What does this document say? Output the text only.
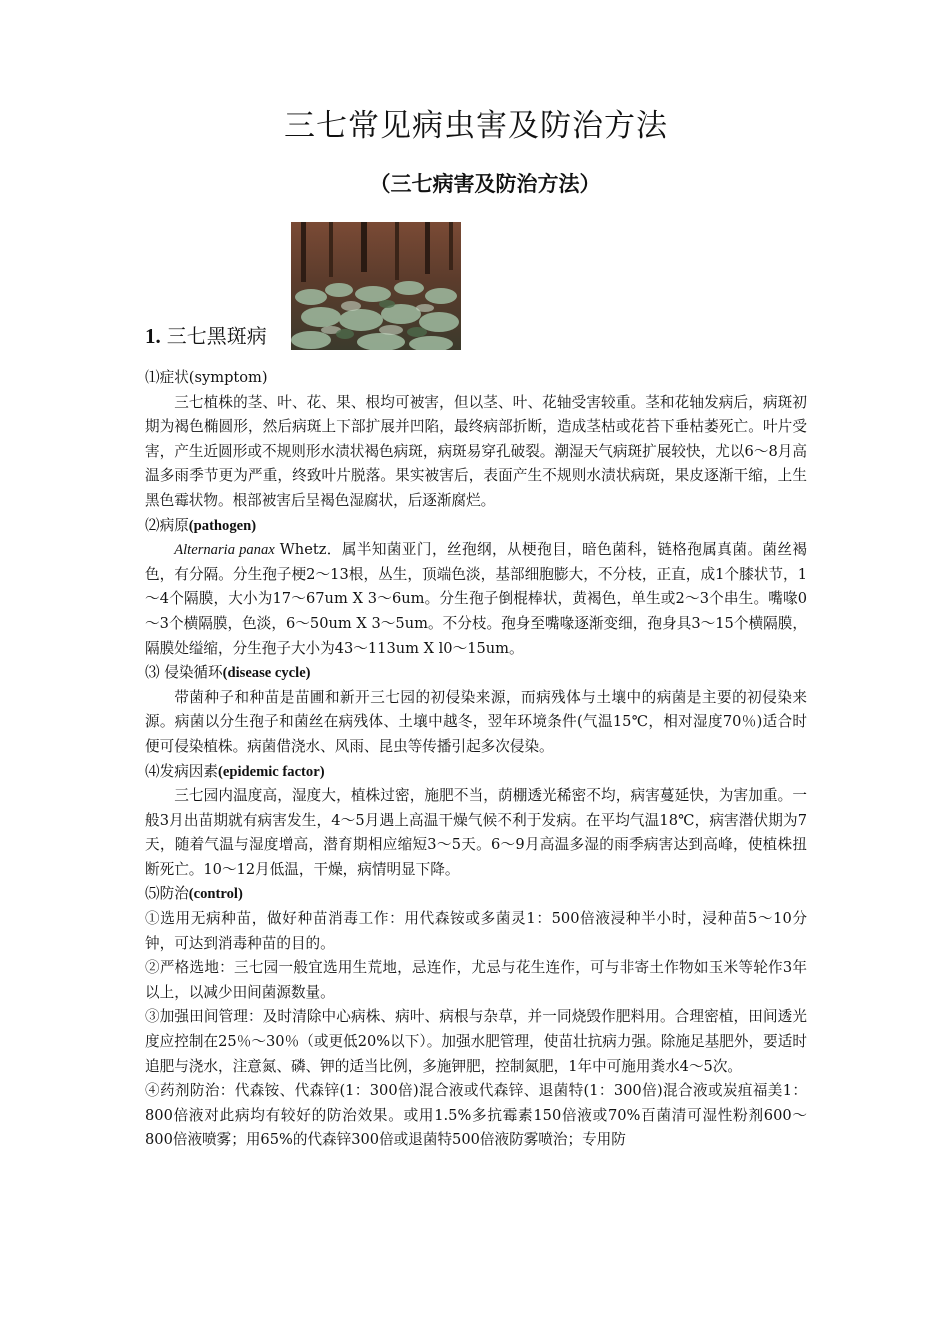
三七常见病虫害及防治方法
（三七病害及防治方法）
1. 三七黑斑病

⑴症状(symptom)

三七植株的茎、叶、花、果、根均可被害，但以茎、叶、花轴受害较重。茎和花轴发病后，病斑初期为褐色椭圆形，然后病斑上下部扩展并凹陷，最终病部折断，造成茎枯或花苔下垂枯萎死亡。叶片受害，产生近圆形或不规则形水渍状褐色病斑，病斑易穿孔破裂。潮湿天气病斑扩展较快，尤以6～8月高温多雨季节更为严重，终致叶片脱落。果实被害后，表面产生不规则水渍状病斑，果皮逐渐干缩，上生黑色霉状物。根部被害后呈褐色湿腐状，后逐渐腐烂。

⑵病原(pathogen)

Alternaria panax Whetz．属半知菌亚门，丝孢纲，从梗孢目，暗色菌科，链格孢属真菌。菌丝褐色，有分隔。分生孢子梗2～13根，丛生，顶端色淡，基部细胞膨大，不分枝，正直，成1个膝状节，1～4个隔膜，大小为17～67um X 3～6um。分生孢子倒棍棒状，黄褐色，单生或2～3个串生。嘴喙0～3个横隔膜，色淡，6～50um X 3～5um。不分枝。孢身至嘴喙逐渐变细，孢身具3～15个横隔膜，隔膜处缢缩，分生孢子大小为43～113um X l0～15um。

⑶ 侵染循环(disease cycle)

带菌种子和种苗是苗圃和新开三七园的初侵染来源，而病残体与土壤中的病菌是主要的初侵染来源。病菌以分生孢子和菌丝在病残体、土壤中越冬，翌年环境条件(气温15℃，相对湿度70％)适合时便可侵染植株。病菌借浇水、风雨、昆虫等传播引起多次侵染。

⑷发病因素(epidemic factor)

三七园内温度高，湿度大，植株过密，施肥不当，荫棚透光稀密不均，病害蔓延快，为害加重。一般3月出苗期就有病害发生，4～5月遇上高温干燥气候不利于发病。在平均气温18℃，病害潜伏期为7天，随着气温与湿度增高，潜育期相应缩短3～5天。6～9月高温多湿的雨季病害达到高峰，使植株扭断死亡。10～12月低温，干燥，病情明显下降。

⑸防治(control)

①选用无病种苗，做好种苗消毒工作：用代森铵或多菌灵1：500倍液浸种半小时，浸种苗5～10分钟，可达到消毒种苗的目的。

②严格选地：三七园一般宜选用生荒地，忌连作，尤忌与花生连作，可与非寄土作物如玉米等轮作3年以上，以减少田间菌源数量。

③加强田间管理：及时清除中心病株、病叶、病根与杂草，并一同烧毁作肥料用。合理密植，田间透光度应控制在25％～30％（或更低20%以下）。加强水肥管理，使苗壮抗病力强。除施足基肥外，要适时追肥与浇水，注意氮、磷、钾的适当比例，多施钾肥，控制氮肥，1年中可施用粪水4～5次。

④药剂防治：代森铵、代森锌(1：300倍)混合液或代森锌、退菌特(1：300倍)混合液或炭疽福美1：800倍液对此病均有较好的防治效果。或用1.5%多抗霉素150倍液或70%百菌清可湿性粉剂600～800倍液喷雾；用65%的代森锌300倍或退菌特500倍液防雾喷治；专用防
